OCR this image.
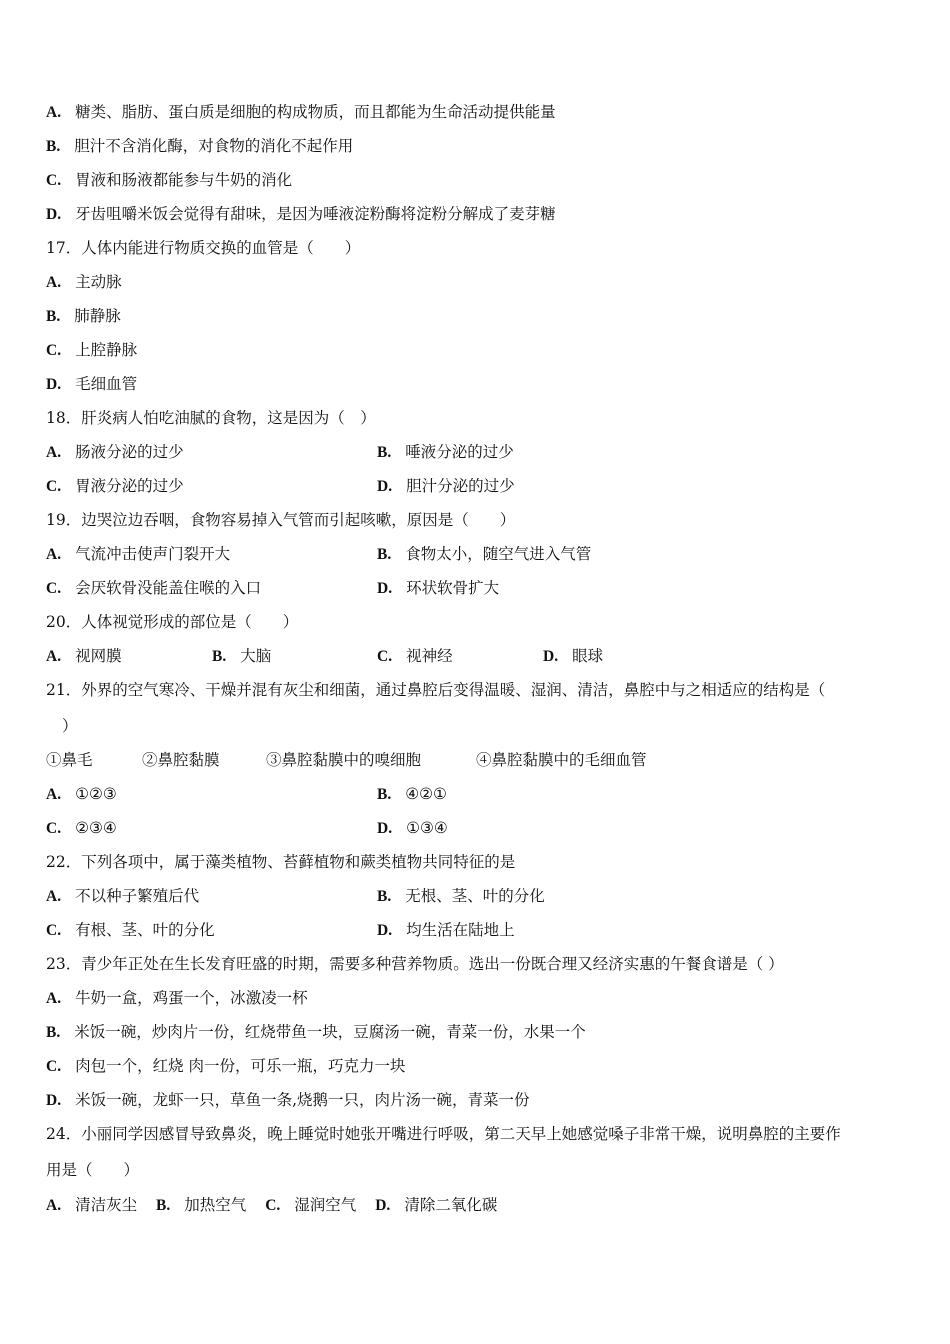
A. 糖类、脂肪、蛋白质是细胞的构成物质，而且都能为生命活动提供能量
B. 胆汁不含消化酶，对食物的消化不起作用
C. 胃液和肠液都能参与牛奶的消化
D. 牙齿咀嚼米饭会觉得有甜味，是因为唾液淀粉酶将淀粉分解成了麦芽糖
17．人体内能进行物质交换的血管是（　　）
A. 主动脉
B. 肺静脉
C. 上腔静脉
D. 毛细血管
18．肝炎病人怕吃油腻的食物，这是因为（　）
A. 肠液分泌的过少	B. 唾液分泌的过少
C. 胃液分泌的过少	D. 胆汁分泌的过少
19．边哭泣边吞咽，食物容易掉入气管而引起咳嗽，原因是（　　）
A. 气流冲击使声门裂开大	B. 食物太小，随空气进入气管
C. 会厌软骨没能盖住喉的入口	D. 环状软骨扩大
20．人体视觉形成的部位是（　　）
A. 视网膜	B. 大脑	C. 视神经	D. 眼球
21．外界的空气寒冷、干燥并混有灰尘和细菌，通过鼻腔后变得温暖、湿润、清洁，鼻腔中与之相适应的结构是（
）
①鼻毛	②鼻腔黏膜	③鼻腔黏膜中的嗅细胞	④鼻腔黏膜中的毛细血管
A. ①②③	B. ④②①
C. ②③④	D. ①③④
22．下列各项中，属于藻类植物、苔藓植物和蕨类植物共同特征的是
A. 不以种子繁殖后代	B. 无根、茎、叶的分化
C. 有根、茎、叶的分化	D. 均生活在陆地上
23．青少年正处在生长发育旺盛的时期，需要多种营养物质。选出一份既合理又经济实惠的午餐食谱是（ ）
A. 牛奶一盒，鸡蛋一个，冰激凌一杯
B. 米饭一碗，炒肉片一份，红烧带鱼一块，豆腐汤一碗，青菜一份，水果一个
C. 肉包一个，红烧 肉一份，可乐一瓶，巧克力一块
D. 米饭一碗，龙虾一只，草鱼一条,烧鹅一只，肉片汤一碗，青菜一份
24．小丽同学因感冒导致鼻炎，晚上睡觉时她张开嘴进行呼吸，第二天早上她感觉嗓子非常干燥，说明鼻腔的主要作
用是（　　）
A. 清洁灰尘 B. 加热空气 C. 湿润空气 D. 清除二氧化碳
